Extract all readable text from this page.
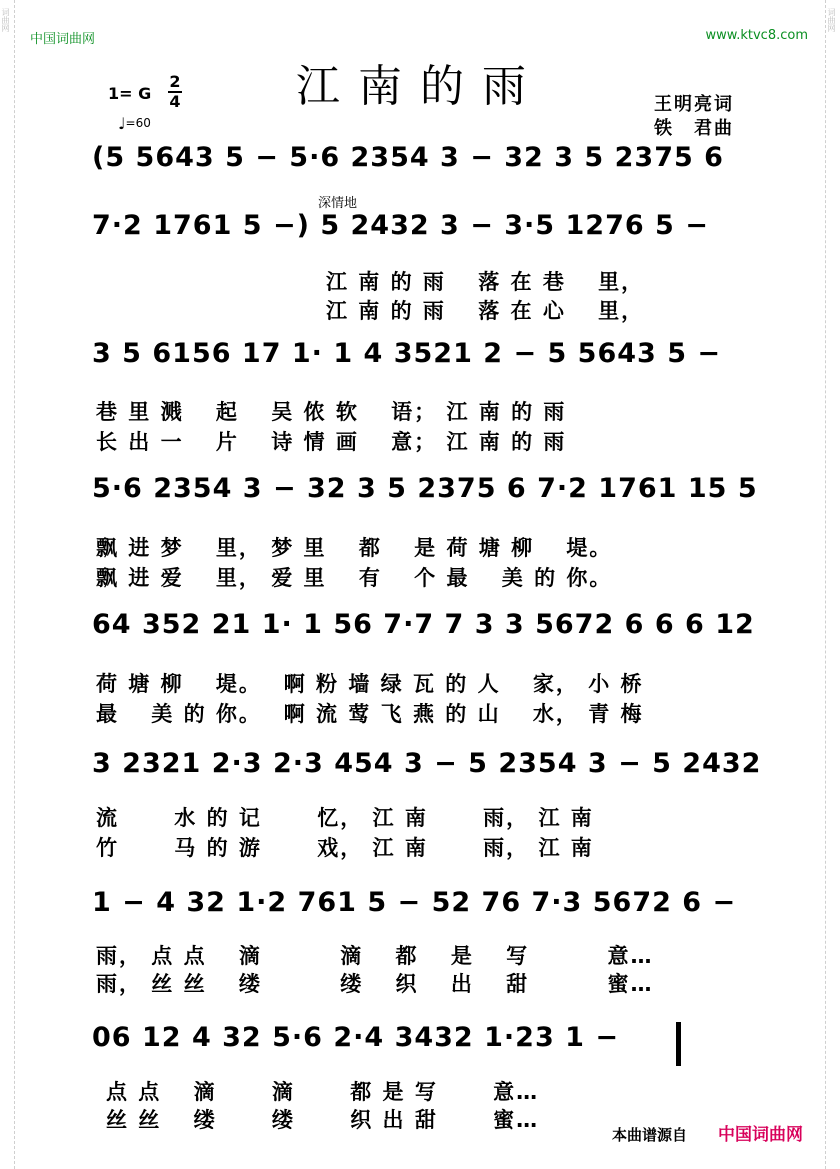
词曲网	词曲网
中国词曲网	www.ktvc8.com
江南的雨
1= G
2
4
♩=60
王明亮词
铁　君曲
深情地
(5 5643 5 − 5·6 2354 3 − 32 3 5 2375 6
7·2 1761 5 −) 5 2432 3 − 3·5 1276 5 −
江 南 的 雨　 落 在 巷　 里，
江 南 的 雨　 落 在 心　 里，
3 5 6156 17 1· 1 4 3521 2 − 5 5643 5 −
巷 里 溅　 起　 吴 侬 软　 语； 江 南 的 雨
长 出 一　 片　 诗 情 画　 意； 江 南 的 雨
5·6 2354 3 − 32 3 5 2375 6 7·2 1761 15 5
飘 进 梦　 里， 梦 里　 都　 是 荷 塘 柳　 堤。
飘 进 爱　 里， 爱 里　 有　 个 最　 美 的 你。
64 352 21 1· 1 56 7·7 7 3 3 5672 6 6 6 12
荷 塘 柳　 堤。　 啊 粉 墙 绿 瓦 的 人　 家， 小 桥
最　 美 的 你。　 啊 流 莺 飞 燕 的 山　 水， 青 梅
3 2321 2·3 2·3 454 3 − 5 2354 3 − 5 2432
流　　 水 的 记　　 忆， 江 南　　 雨， 江 南
竹　　 马 的 游　　 戏， 江 南　　 雨， 江 南
1 − 4 32 1·2 761 5 − 52 76 7·3 5672 6 −
雨， 点 点　 滴　　　 滴　 都　 是　 写　　　 意…
雨， 丝 丝　 缕　　　 缕　 织　 出　 甜　　　 蜜…
06 12 4 32 5·6 2·4 3432 1·23 1 −
点 点　 滴　　 滴　　 都 是 写　　 意…
丝 丝　 缕　　 缕　　 织 出 甜　　 蜜…
本曲谱源自 中国词曲网
